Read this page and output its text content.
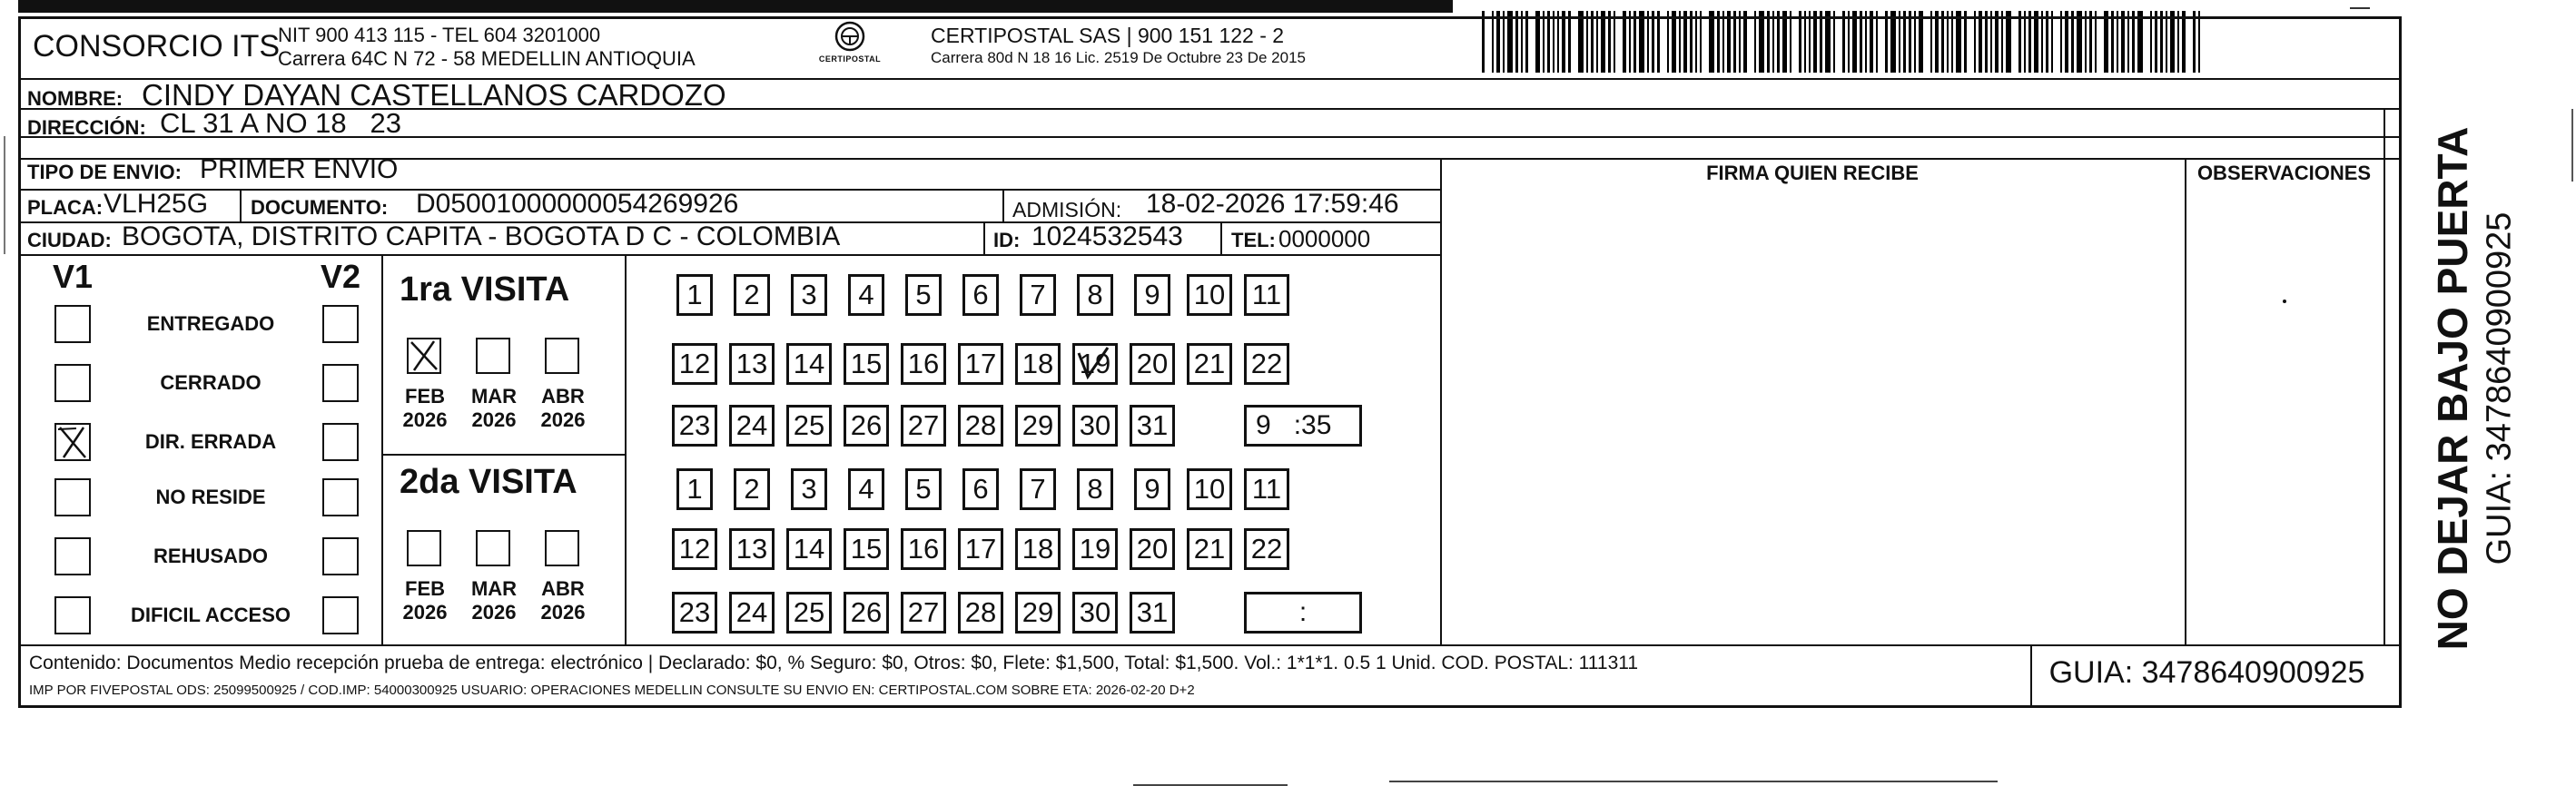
CONSORCIO ITS
NIT 900 413 115 - TEL 604 3201000
Carrera 64C N 72 - 58 MEDELLIN ANTIOQUIA	CERTIPOSTAL
CERTIPOSTAL SAS | 900 151 122 - 2
Carrera 80d N 18 16 Lic. 2519 De Octubre 23 De 2015
NOMBRE: CINDY DAYAN CASTELLANOS CARDOZO
DIRECCIÓN: CL 31 A NO 18   23
TIPO DE ENVIO: PRIMER ENVIO
PLACA: VLH25G DOCUMENTO: D05001000000054269926	ADMISIÓN: 18-02-2026 17:59:46
CIUDAD: BOGOTA, DISTRITO CAPITA - BOGOTA D C - COLOMBIA	ID: 1024532543 TEL: 0000000
FIRMA QUIEN RECIBE	OBSERVACIONES
V1	V2
ENTREGADO
CERRADO
DIR. ERRADA
NO RESIDE
REHUSADO
DIFICIL ACCESO
1ra VISITA
2da VISITA
FEB
2026
MAR
2026
ABR
2026
FEB
2026
MAR
2026
ABR
2026
1 2 3 4 5 6 7 8 9 10 11
12 13 14 15 16 17 18 19 20 21 22
23 24 25 26 27 28 29 30 31	9   :35
1 2 3 4 5 6 7 8 9 10 11
12 13 14 15 16 17 18 19 20 21 22
23 24 25 26 27 28 29 30 31	:
Contenido: Documentos Medio recepción prueba de entrega: electrónico | Declarado: $0, % Seguro: $0, Otros: $0, Flete: $1,500, Total: $1,500. Vol.: 1*1*1. 0.5 1 Unid. COD. POSTAL: 111311
IMP POR FIVEPOSTAL ODS: 25099500925 / COD.IMP: 54000300925 USUARIO: OPERACIONES MEDELLIN CONSULTE SU ENVIO EN: CERTIPOSTAL.COM SOBRE ETA: 2026-02-20 D+2
GUIA: 3478640900925
NO DEJAR BAJO PUERTA GUIA: 3478640900925
